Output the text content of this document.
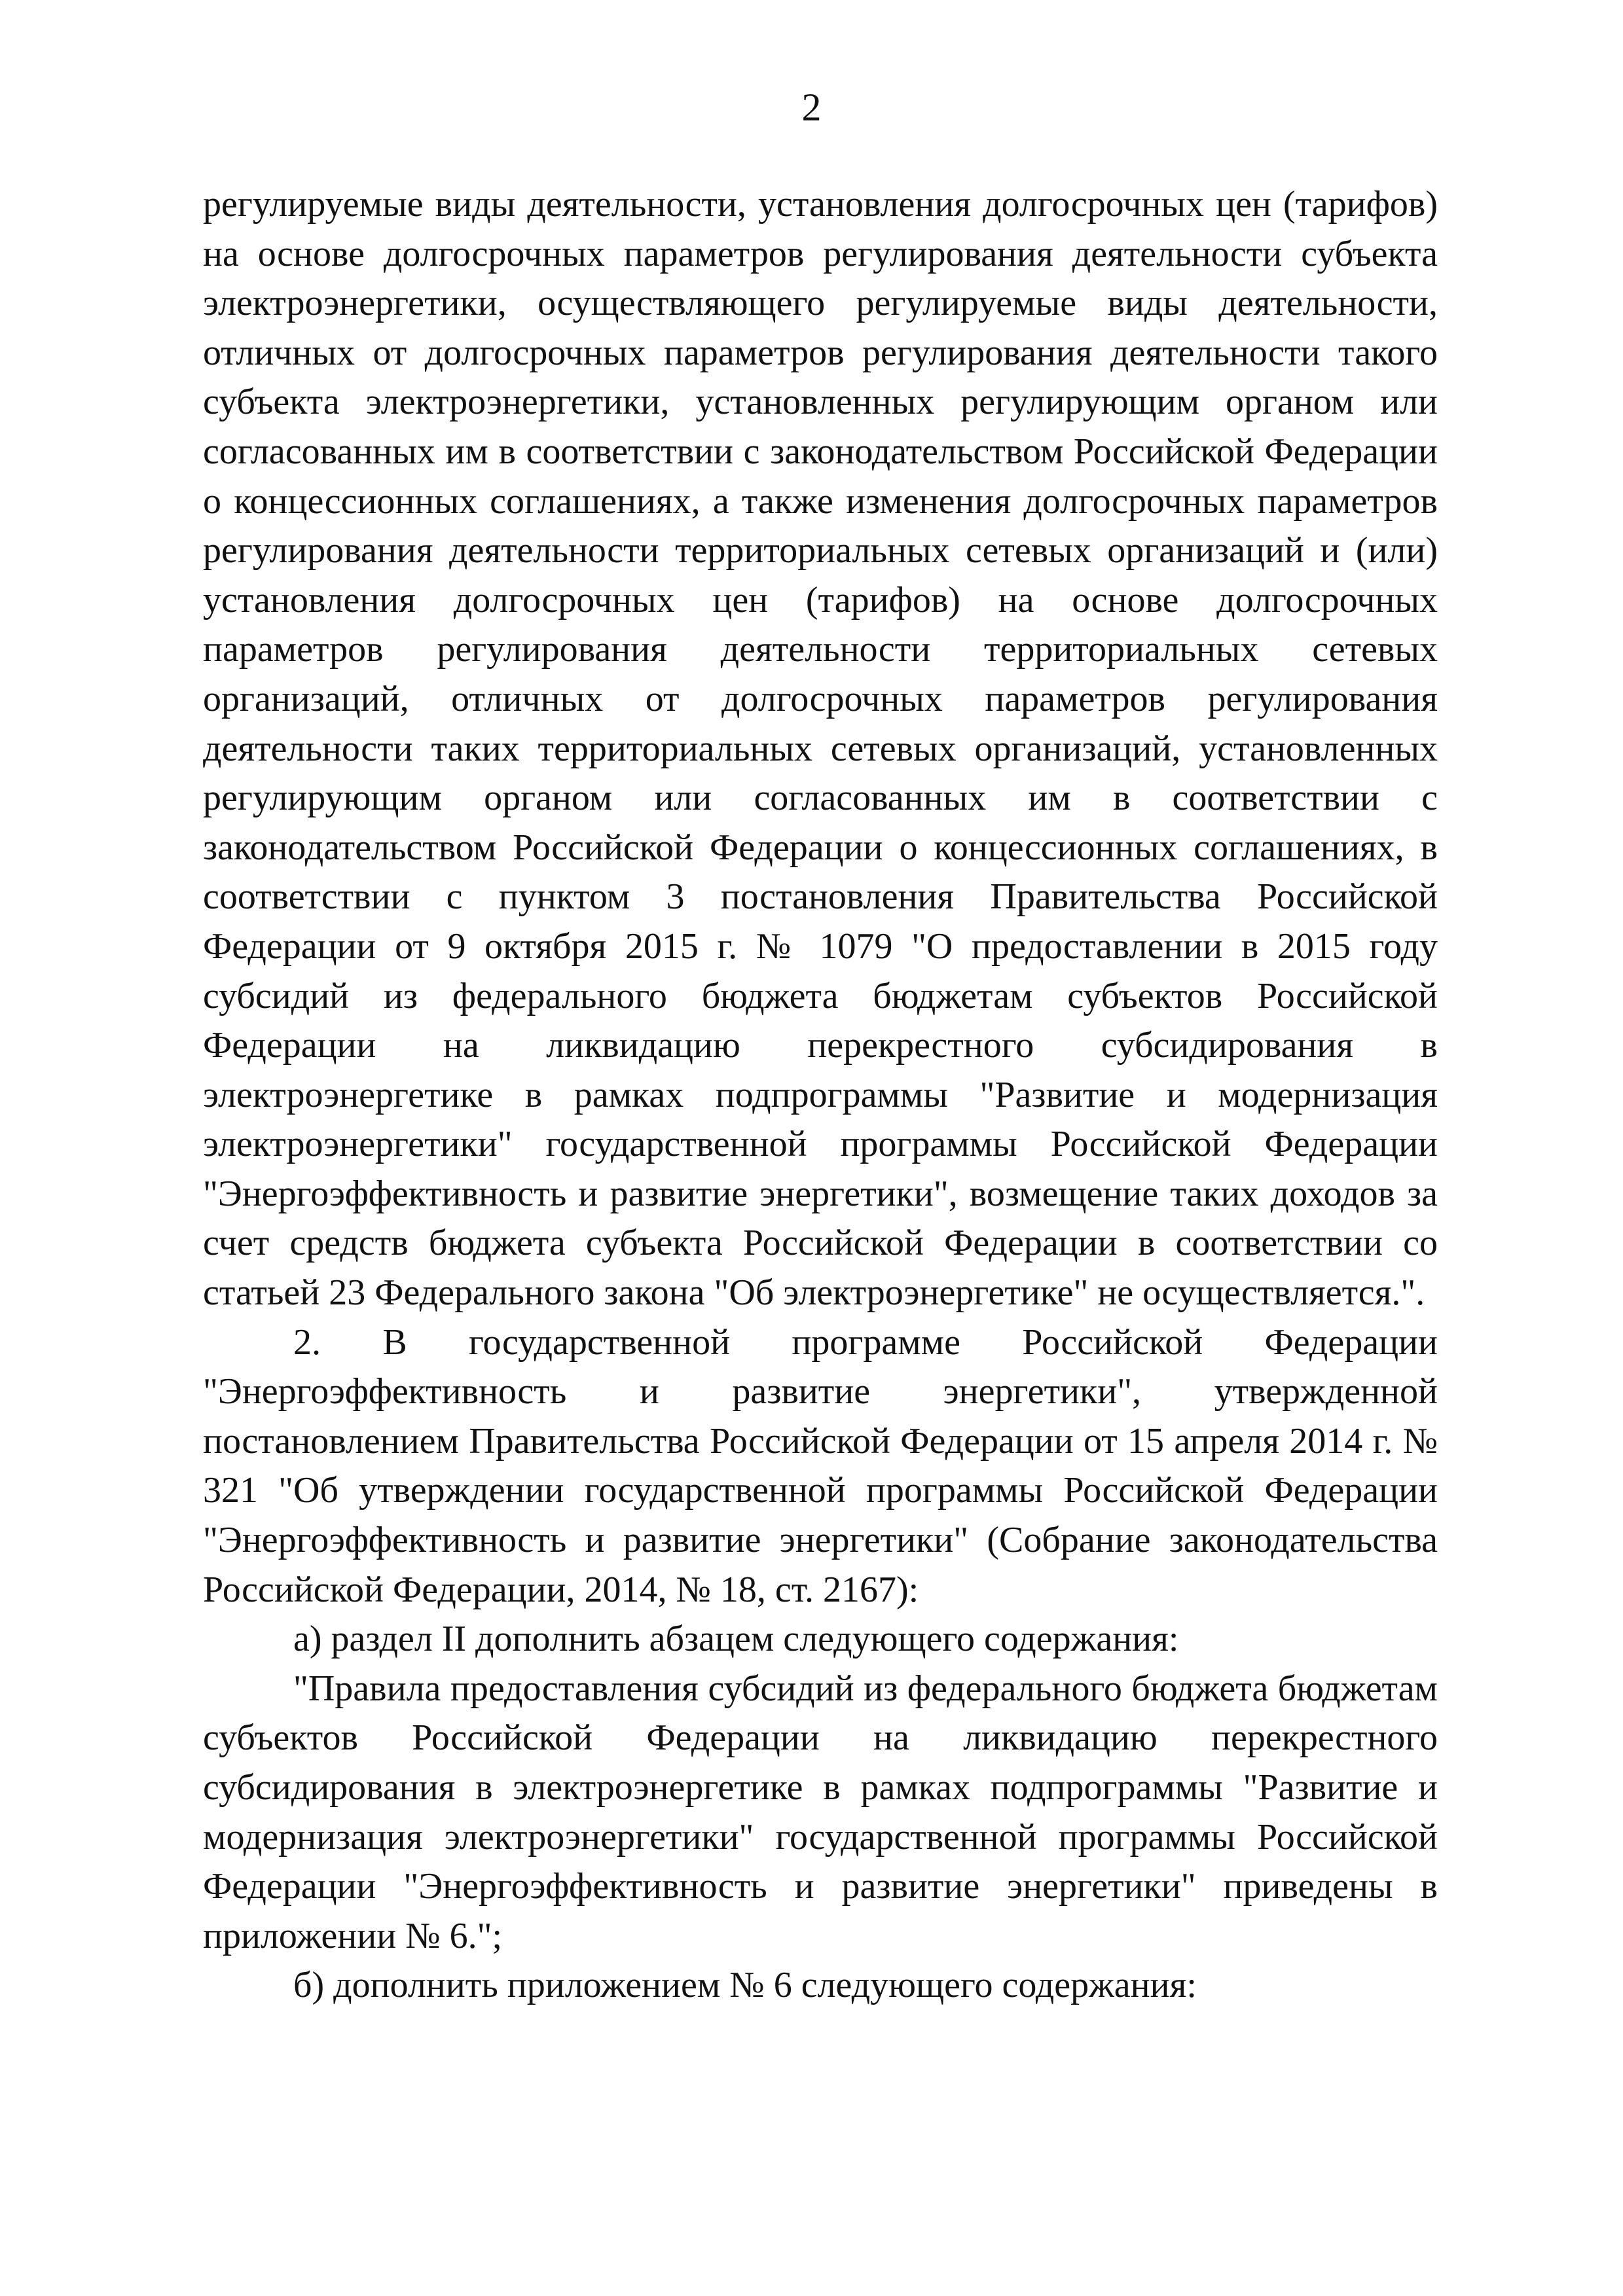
2

регулируемые виды деятельности, установления долгосрочных цен (тарифов) на основе долгосрочных параметров регулирования деятельности субъекта электроэнергетики, осуществляющего регулируемые виды деятельности, отличных от долгосрочных параметров регулирования деятельности такого субъекта электроэнергетики, установленных регулирующим органом или согласованных им в соответствии с законодательством Российской Федерации о концессионных соглашениях, а также изменения долгосрочных параметров регулирования деятельности территориальных сетевых организаций и (или) установления долгосрочных цен (тарифов) на основе долгосрочных параметров регулирования деятельности территориальных сетевых организаций, отличных от долгосрочных параметров регулирования деятельности таких территориальных сетевых организаций, установленных регулирующим органом или согласованных им в соответствии с законодательством Российской Федерации о концессионных соглашениях, в соответствии с пунктом 3 постановления Правительства Российской Федерации от 9 октября 2015 г. № 1079 "О предоставлении в 2015 году субсидий из федерального бюджета бюджетам субъектов Российской Федерации на ликвидацию перекрестного субсидирования в электроэнергетике в рамках подпрограммы "Развитие и модернизация электроэнергетики" государственной программы Российской Федерации "Энергоэффективность и развитие энергетики", возмещение таких доходов за счет средств бюджета субъекта Российской Федерации в соответствии со статьей 23 Федерального закона "Об электроэнергетике" не осуществляется.".

2. В государственной программе Российской Федерации "Энергоэффективность и развитие энергетики", утвержденной постановлением Правительства Российской Федерации от 15 апреля 2014 г. № 321 "Об утверждении государственной программы Российской Федерации "Энергоэффективность и развитие энергетики" (Собрание законодательства Российской Федерации, 2014, № 18, ст. 2167):

а) раздел II дополнить абзацем следующего содержания:

"Правила предоставления субсидий из федерального бюджета бюджетам субъектов Российской Федерации на ликвидацию перекрестного субсидирования в электроэнергетике в рамках подпрограммы "Развитие и модернизация электроэнергетики" государственной программы Российской Федерации "Энергоэффективность и развитие энергетики" приведены в приложении № 6.";

б) дополнить приложением № 6 следующего содержания:
